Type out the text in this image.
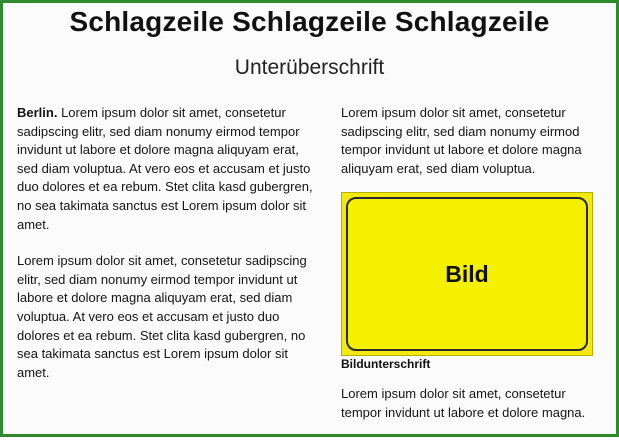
Schlagzeile Schlagzeile Schlagzeile
Unterüberschrift

Berlin. Lorem ipsum dolor sit amet, consetetur sadipscing elitr, sed diam nonumy eirmod tempor invidunt ut labore et dolore magna aliquyam erat, sed diam voluptua. At vero eos et accusam et justo duo dolores et ea rebum. Stet clita kasd gubergren, no sea takimata sanctus est Lorem ipsum dolor sit amet.

Lorem ipsum dolor sit amet, consetetur sadipscing elitr, sed diam nonumy eirmod tempor invidunt ut labore et dolore magna aliquyam erat, sed diam voluptua. At vero eos et accusam et justo duo dolores et ea rebum. Stet clita kasd gubergren, no sea takimata sanctus est Lorem ipsum dolor sit amet.

Lorem ipsum dolor sit amet, consetetur sadipscing elitr, sed diam nonumy eirmod tempor invidunt ut labore et dolore magna aliquyam erat, sed diam voluptua.

Bild
Bildunterschrift

Lorem ipsum dolor sit amet, consetetur tempor invidunt ut labore et dolore magna.
